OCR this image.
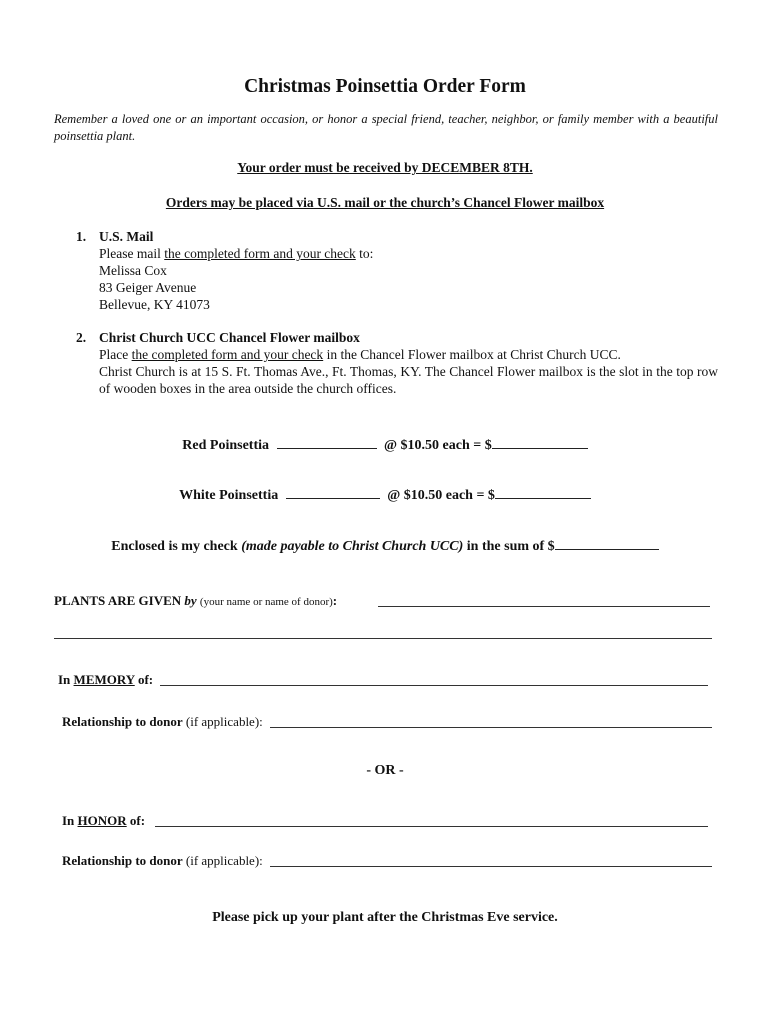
Christmas Poinsettia Order Form
Remember a loved one or an important occasion, or honor a special friend, teacher, neighbor, or family member with a beautiful poinsettia plant.
Your order must be received by DECEMBER 8TH.
Orders may be placed via U.S. mail or the church’s Chancel Flower mailbox
1. U.S. Mail
Please mail the completed form and your check to:
Melissa Cox
83 Geiger Avenue
Bellevue, KY 41073
2. Christ Church UCC Chancel Flower mailbox
Place the completed form and your check in the Chancel Flower mailbox at Christ Church UCC.
Christ Church is at 15 S. Ft. Thomas Ave., Ft. Thomas, KY. The Chancel Flower mailbox is the slot in the top row of wooden boxes in the area outside the church offices.
Red Poinsettia	@ $10.50 each = $
White Poinsettia	@ $10.50 each = $
Enclosed is my check (made payable to Christ Church UCC) in the sum of $
PLANTS ARE GIVEN by (your name or name of donor):
In MEMORY of:
Relationship to donor (if applicable):
- OR -
In HONOR of:
Relationship to donor (if applicable):
Please pick up your plant after the Christmas Eve service.
